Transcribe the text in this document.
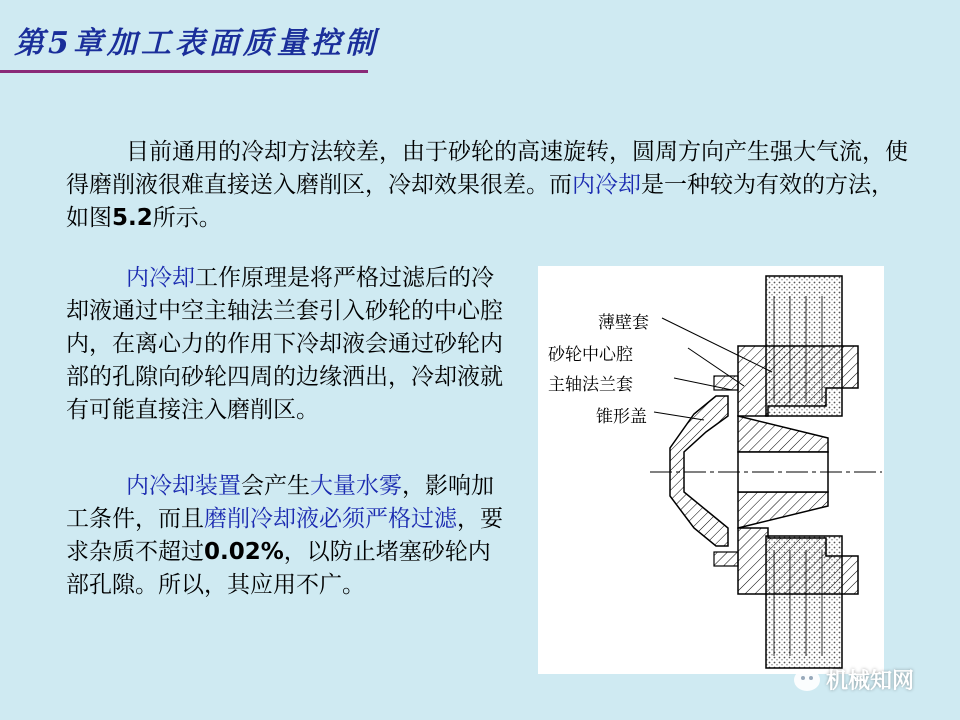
第5章加工表面质量控制

目前通用的冷却方法较差，由于砂轮的高速旋转，圆周方向产生强大气流，使得磨削液很难直接送入磨削区，冷却效果很差。而内冷却是一种较为有效的方法，如图5.2所示。

内冷却工作原理是将严格过滤后的冷却液通过中空主轴法兰套引入砂轮的中心腔内，在离心力的作用下冷却液会通过砂轮内部的孔隙向砂轮四周的边缘洒出，冷却液就有可能直接注入磨削区。

内冷却装置会产生大量水雾，影响加工条件，而且磨削冷却液必须严格过滤，要求杂质不超过0.02%，以防止堵塞砂轮内部孔隙。所以，其应用不广。

薄壁套
砂轮中心腔
主轴法兰套
锥形盖
机械知网
